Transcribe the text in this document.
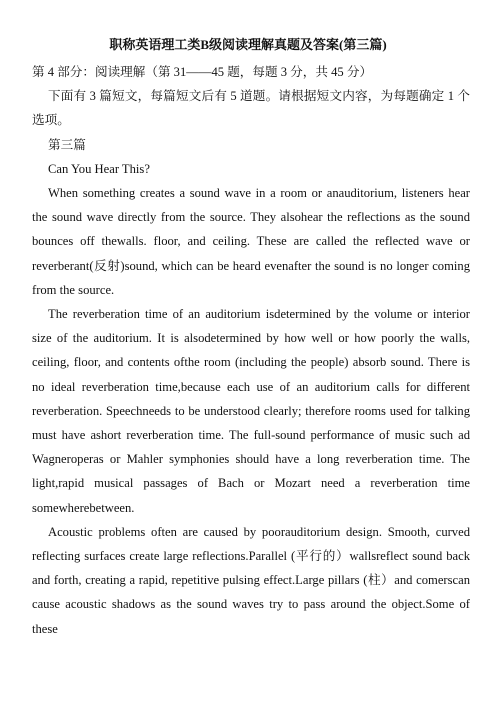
职称英语理工类B级阅读理解真题及答案(第三篇)

第 4 部分：阅读理解（第 31——45 题，每题 3 分，共 45 分）

下面有 3 篇短文，每篇短文后有 5 道题。请根据短文内容，为每题确定 1 个选项。

第三篇

Can You Hear This?

When something creates a sound wave in a room or anauditorium, listeners hear the sound wave directly from the source. They alsohear the reflections as the sound bounces off thewalls. floor, and ceiling. These are called the reflected wave or reverberant(反射)sound, which can be heard evenafter the sound is no longer coming from the source.

The reverberation time of an auditorium isdetermined by the volume or interior size of the auditorium. It is alsodetermined by how well or how poorly the walls, ceiling, floor, and contents ofthe room (including the people) absorb sound. There is no ideal reverberation time,because each use of an auditorium calls for different reverberation. Speechneeds to be understood clearly; therefore rooms used for talking must have ashort reverberation time. The full-sound performance of music such ad Wagneroperas or Mahler symphonies should have a long reverberation time. The light,rapid musical passages of Bach or Mozart need a reverberation time somewherebetween.

Acoustic problems often are caused by poorauditorium design. Smooth, curved reflecting surfaces create large reflections.Parallel (平行的）wallsreflect sound back and forth, creating a rapid, repetitive pulsing effect.Large pillars (柱）and comerscan cause acoustic shadows as the sound waves try to pass around the object.Some of these
